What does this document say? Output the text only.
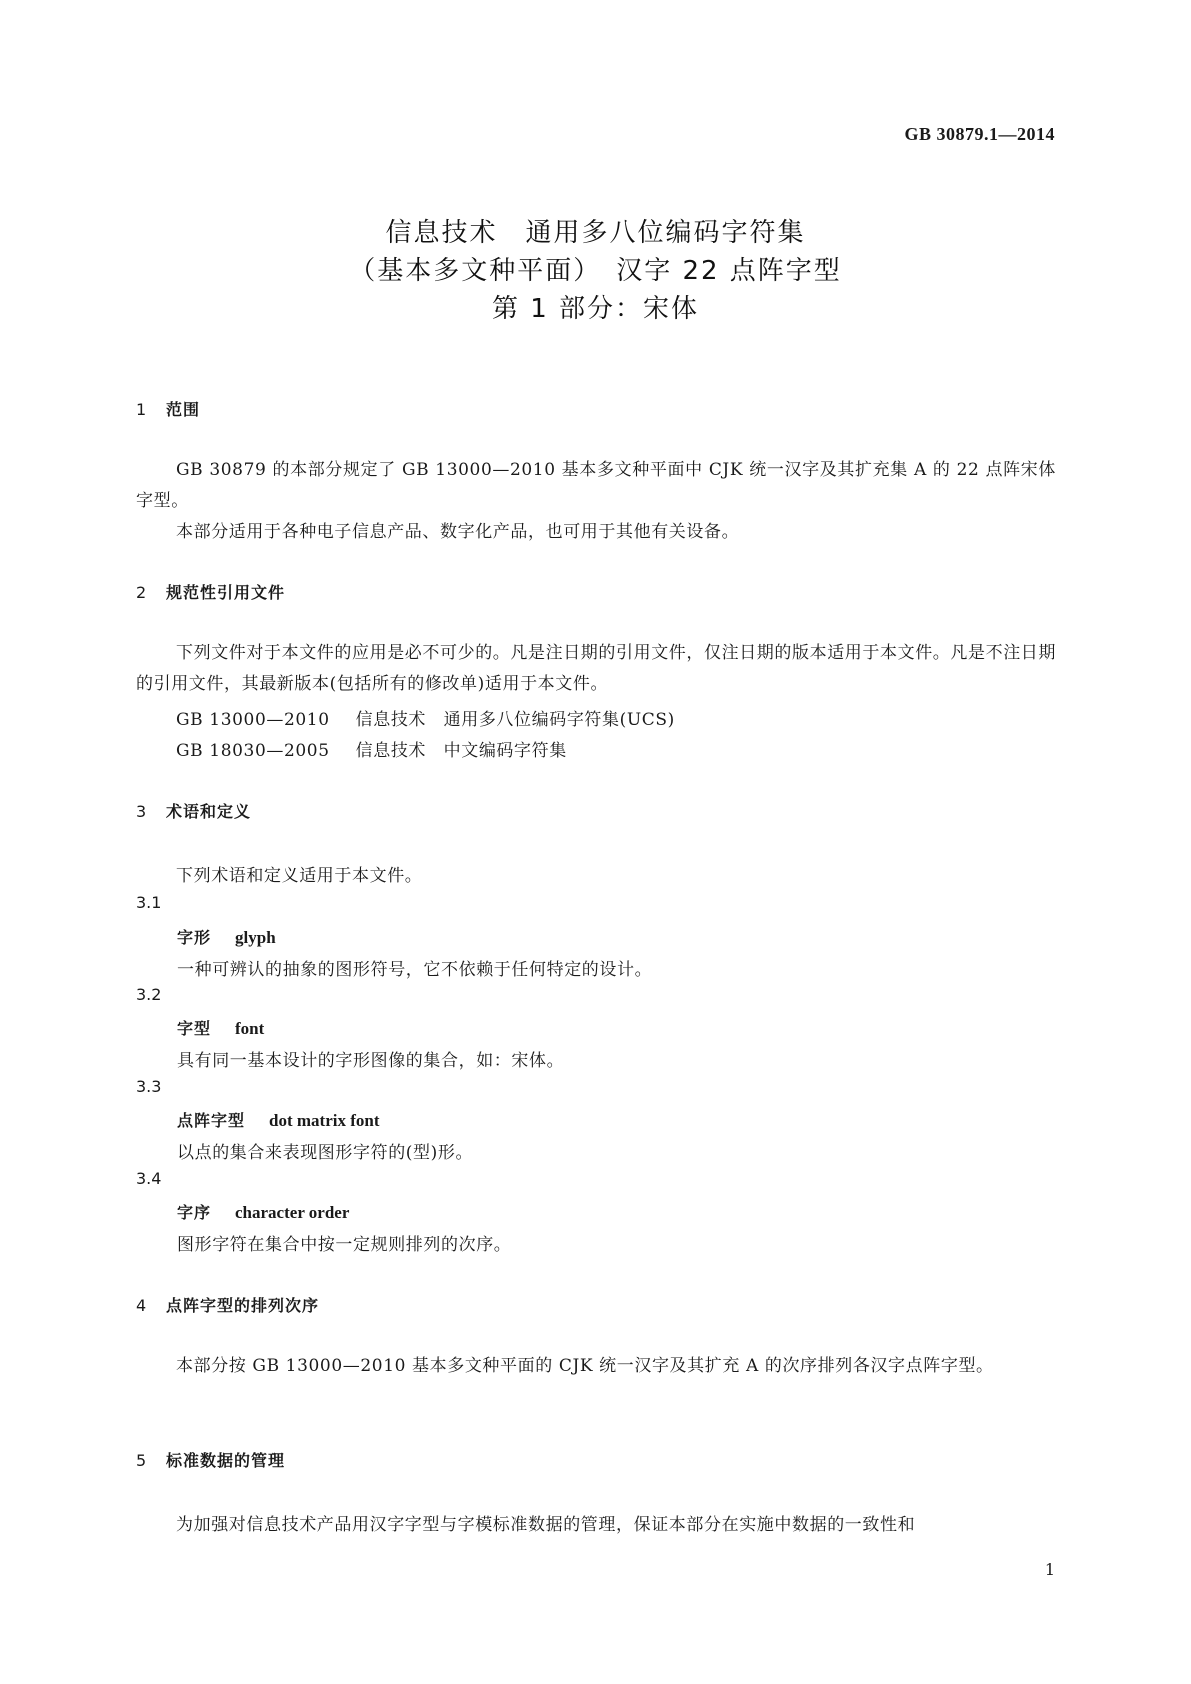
GB 30879.1—2014
信息技术　通用多八位编码字符集
（基本多文种平面）　汉字 22 点阵字型
第 1 部分：宋体
1 范围
GB 30879 的本部分规定了 GB 13000—2010 基本多文种平面中 CJK 统一汉字及其扩充集 A 的 22 点阵宋体字型。
本部分适用于各种电子信息产品、数字化产品，也可用于其他有关设备。
2 规范性引用文件
下列文件对于本文件的应用是必不可少的。凡是注日期的引用文件，仅注日期的版本适用于本文件。凡是不注日期的引用文件，其最新版本(包括所有的修改单)适用于本文件。
GB 13000—2010 信息技术　通用多八位编码字符集(UCS)
GB 18030—2005 信息技术　中文编码字符集
3 术语和定义
下列术语和定义适用于本文件。
3.1
字形 glyph
一种可辨认的抽象的图形符号，它不依赖于任何特定的设计。
3.2
字型 font
具有同一基本设计的字形图像的集合，如：宋体。
3.3
点阵字型 dot matrix font
以点的集合来表现图形字符的(型)形。
3.4
字序 character order
图形字符在集合中按一定规则排列的次序。
4 点阵字型的排列次序
本部分按 GB 13000—2010 基本多文种平面的 CJK 统一汉字及其扩充 A 的次序排列各汉字点阵字型。
5 标准数据的管理
为加强对信息技术产品用汉字字型与字模标准数据的管理，保证本部分在实施中数据的一致性和
1
